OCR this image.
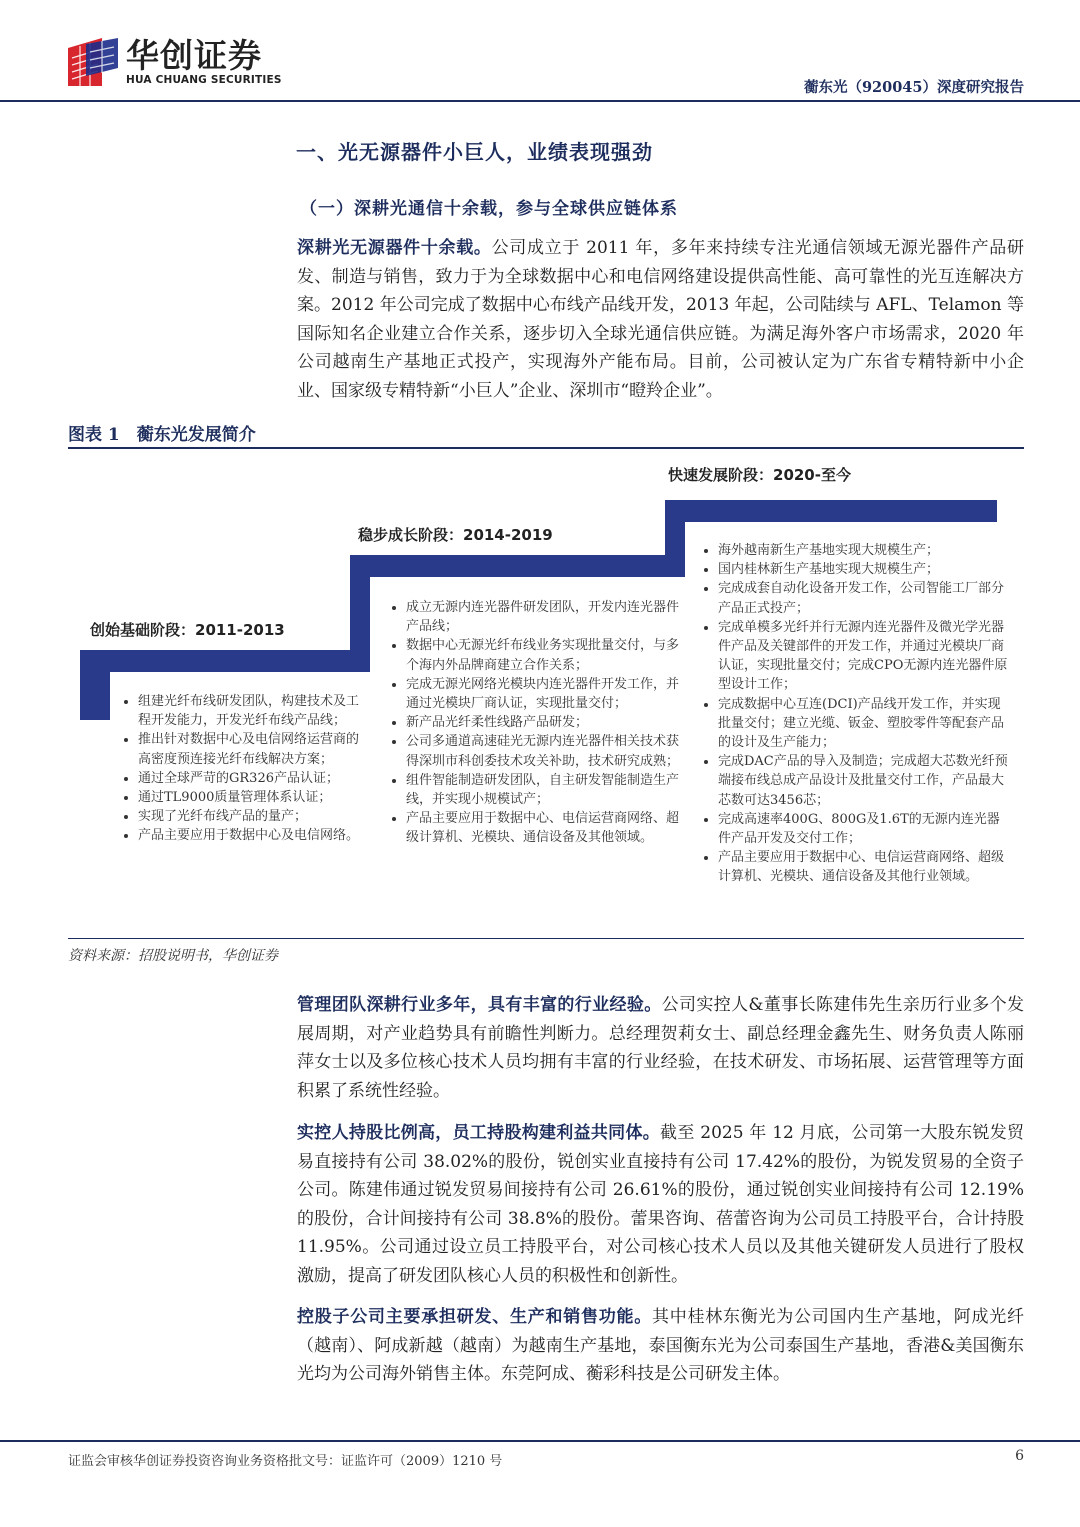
华创证券
HUA CHUANG SECURITIES	蘅东光（920045）深度研究报告
一、光无源器件小巨人，业绩表现强劲
（一）深耕光通信十余载，参与全球供应链体系
深耕光无源器件十余载。公司成立于 2011 年，多年来持续专注光通信领域无源光器件产品研发、制造与销售，致力于为全球数据中心和电信网络建设提供高性能、高可靠性的光互连解决方案。2012 年公司完成了数据中心布线产品线开发，2013 年起，公司陆续与 AFL、Telamon 等国际知名企业建立合作关系，逐步切入全球光通信供应链。为满足海外客户市场需求，2020 年公司越南生产基地正式投产，实现海外产能布局。目前，公司被认定为广东省专精特新中小企业、国家级专精特新“小巨人”企业、深圳市“瞪羚企业”。
图表 1　蘅东光发展简介
创始基础阶段：2011-2013
• 组建光纤布线研发团队，构建技术及工程开发能力，开发光纤布线产品线；
• 推出针对数据中心及电信网络运营商的高密度预连接光纤布线解决方案；
• 通过全球严苛的GR326产品认证；
• 通过TL9000质量管理体系认证；
• 实现了光纤布线产品的量产；
• 产品主要应用于数据中心及电信网络。
稳步成长阶段：2014-2019
• 成立无源内连光器件研发团队，开发内连光器件产品线；
• 数据中心无源光纤布线业务实现批量交付，与多个海内外品牌商建立合作关系；
• 完成无源光网络光模块内连光器件开发工作，并通过光模块厂商认证，实现批量交付；
• 新产品光纤柔性线路产品研发；
• 公司多通道高速硅光无源内连光器件相关技术获得深圳市科创委技术攻关补助，技术研究成熟；
• 组件智能制造研发团队，自主研发智能制造生产线，并实现小规模试产；
• 产品主要应用于数据中心、电信运营商网络、超级计算机、光模块、通信设备及其他领域。
快速发展阶段：2020-至今
• 海外越南新生产基地实现大规模生产；
• 国内桂林新生产基地实现大规模生产；
• 完成成套自动化设备开发工作，公司智能工厂部分产品正式投产；
• 完成单模多光纤并行无源内连光器件及微光学光器件产品及关键部件的开发工作，并通过光模块厂商认证，实现批量交付；完成CPO无源内连光器件原型设计工作；
• 完成数据中心互连(DCI)产品线开发工作，并实现批量交付；建立光缆、钣金、塑胶零件等配套产品的设计及生产能力；
• 完成DAC产品的导入及制造；完成超大芯数光纤预端接布线总成产品设计及批量交付工作，产品最大芯数可达3456芯；
• 完成高速率400G、800G及1.6T的无源内连光器件产品开发及交付工作；
• 产品主要应用于数据中心、电信运营商网络、超级计算机、光模块、通信设备及其他行业领域。
资料来源：招股说明书，华创证券
管理团队深耕行业多年，具有丰富的行业经验。公司实控人&董事长陈建伟先生亲历行业多个发展周期，对产业趋势具有前瞻性判断力。总经理贺莉女士、副总经理金鑫先生、财务负责人陈丽萍女士以及多位核心技术人员均拥有丰富的行业经验，在技术研发、市场拓展、运营管理等方面积累了系统性经验。
实控人持股比例高，员工持股构建利益共同体。截至 2025 年 12 月底，公司第一大股东锐发贸易直接持有公司 38.02%的股份，锐创实业直接持有公司 17.42%的股份，为锐发贸易的全资子公司。陈建伟通过锐发贸易间接持有公司 26.61%的股份，通过锐创实业间接持有公司 12.19%的股份，合计间接持有公司 38.8%的股份。蕾果咨询、蓓蕾咨询为公司员工持股平台，合计持股 11.95%。公司通过设立员工持股平台，对公司核心技术人员以及其他关键研发人员进行了股权激励，提高了研发团队核心人员的积极性和创新性。
控股子公司主要承担研发、生产和销售功能。其中桂林东衡光为公司国内生产基地，阿成光纤（越南）、阿成新越（越南）为越南生产基地，泰国衡东光为公司泰国生产基地，香港&美国衡东光均为公司海外销售主体。东莞阿成、蘅彩科技是公司研发主体。
证监会审核华创证券投资咨询业务资格批文号：证监许可（2009）1210 号	6
